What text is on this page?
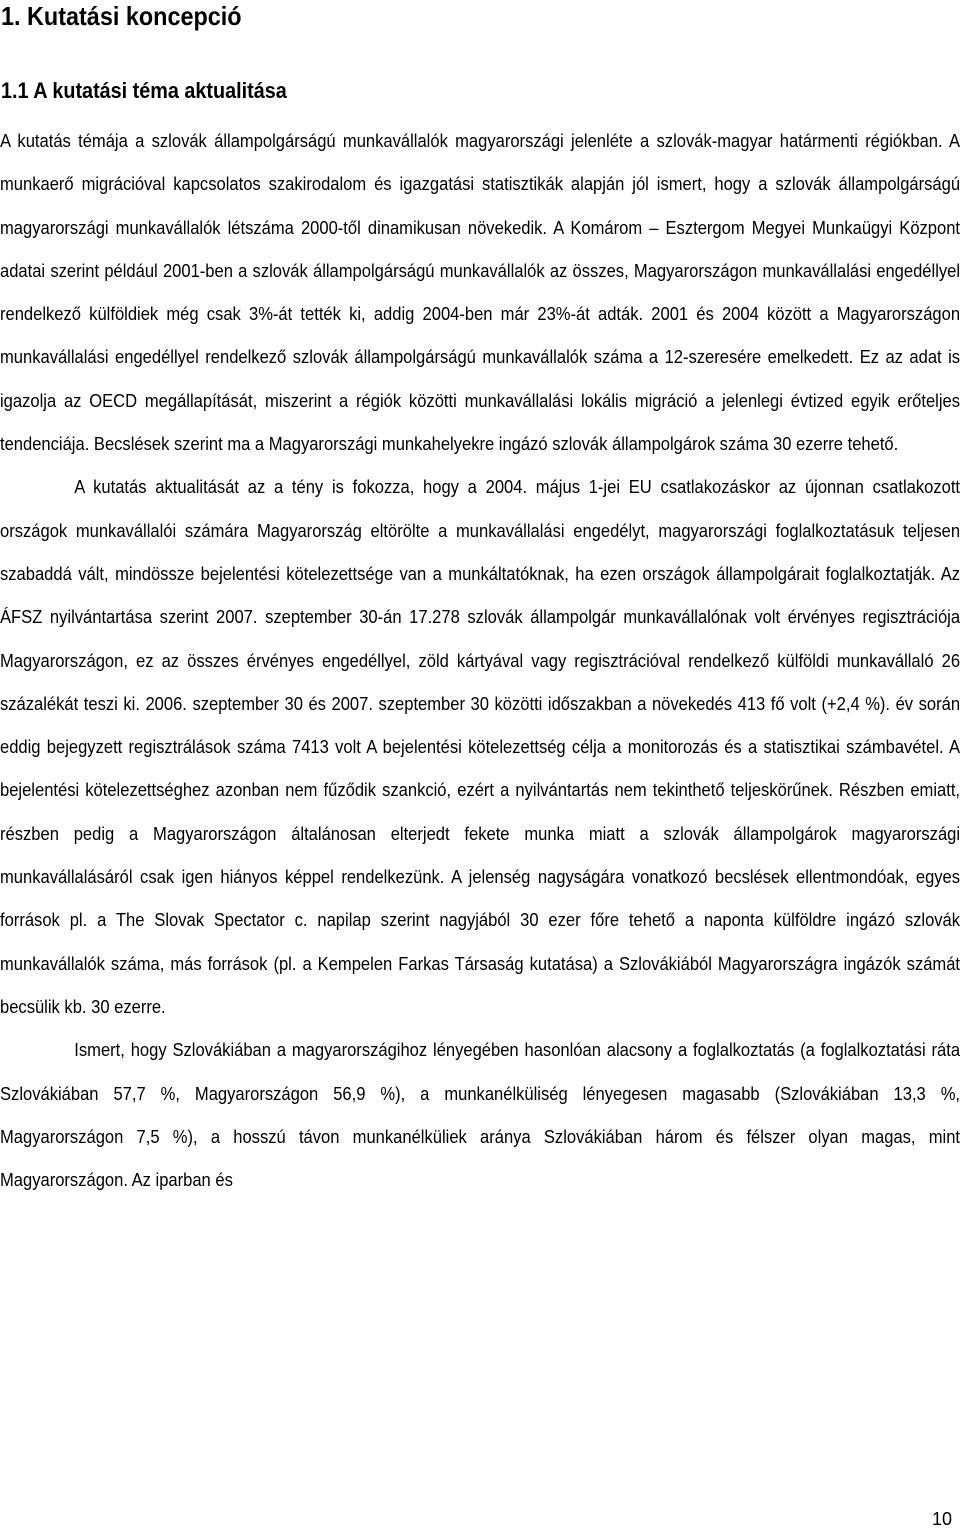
1. Kutatási koncepció
1.1 A kutatási téma aktualitása

A kutatás témája a szlovák állampolgárságú munkavállalók magyarországi jelenléte a szlovák-magyar határmenti régiókban. A munkaerő migrációval kapcsolatos szakirodalom és igazgatási statisztikák alapján jól ismert, hogy a szlovák állampolgárságú magyarországi munkavállalók létszáma 2000-től dinamikusan növekedik. A Komárom – Esztergom Megyei Munkaügyi Központ adatai szerint például 2001-ben a szlovák állampolgárságú munkavállalók az összes, Magyarországon munkavállalási engedéllyel rendelkező külföldiek még csak 3%-át tették ki, addig 2004-ben már 23%-át adták. 2001 és 2004 között a Magyarországon munkavállalási engedéllyel rendelkező szlovák állampolgárságú munkavállalók száma a 12-szeresére emelkedett. Ez az adat is igazolja az OECD megállapítását, miszerint a régiók közötti munkavállalási lokális migráció a jelenlegi évtized egyik erőteljes tendenciája. Becslések szerint ma a Magyarországi munkahelyekre ingázó szlovák állampolgárok száma 30 ezerre tehető.

A kutatás aktualitását az a tény is fokozza, hogy a 2004. május 1-jei EU csatlakozáskor az újonnan csatlakozott országok munkavállalói számára Magyarország eltörölte a munkavállalási engedélyt, magyarországi foglalkoztatásuk teljesen szabaddá vált, mindössze bejelentési kötelezettsége van a munkáltatóknak, ha ezen országok állampolgárait foglalkoztatják. Az ÁFSZ nyilvántartása szerint 2007. szeptember 30-án 17.278 szlovák állampolgár munkavállalónak volt érvényes regisztrációja Magyarországon, ez az összes érvényes engedéllyel, zöld kártyával vagy regisztrációval rendelkező külföldi munkavállaló 26 százalékát teszi ki. 2006. szeptember 30 és 2007. szeptember 30 közötti időszakban a növekedés 413 fő volt (+2,4 %). év során eddig bejegyzett regisztrálások száma 7413 volt A bejelentési kötelezettség célja a monitorozás és a statisztikai számbavétel. A bejelentési kötelezettséghez azonban nem fűződik szankció, ezért a nyilvántartás nem tekinthető teljeskörűnek. Részben emiatt, részben pedig a Magyarországon általánosan elterjedt fekete munka miatt a szlovák állampolgárok magyarországi munkavállalásáról csak igen hiányos képpel rendelkezünk. A jelenség nagyságára vonatkozó becslések ellentmondóak, egyes források pl. a The Slovak Spectator c. napilap szerint nagyjából 30 ezer főre tehető a naponta külföldre ingázó szlovák munkavállalók száma, más források (pl. a Kempelen Farkas Társaság kutatása) a Szlovákiából Magyarországra ingázók számát becsülik kb. 30 ezerre.

Ismert, hogy Szlovákiában a magyarországihoz lényegében hasonlóan alacsony a foglalkoztatás (a foglalkoztatási ráta Szlovákiában 57,7 %, Magyarországon 56,9 %), a munkanélküliség lényegesen magasabb (Szlovákiában 13,3 %, Magyarországon 7,5 %), a hosszú távon munkanélküliek aránya Szlovákiában három és félszer olyan magas, mint Magyarországon. Az iparban és

10
